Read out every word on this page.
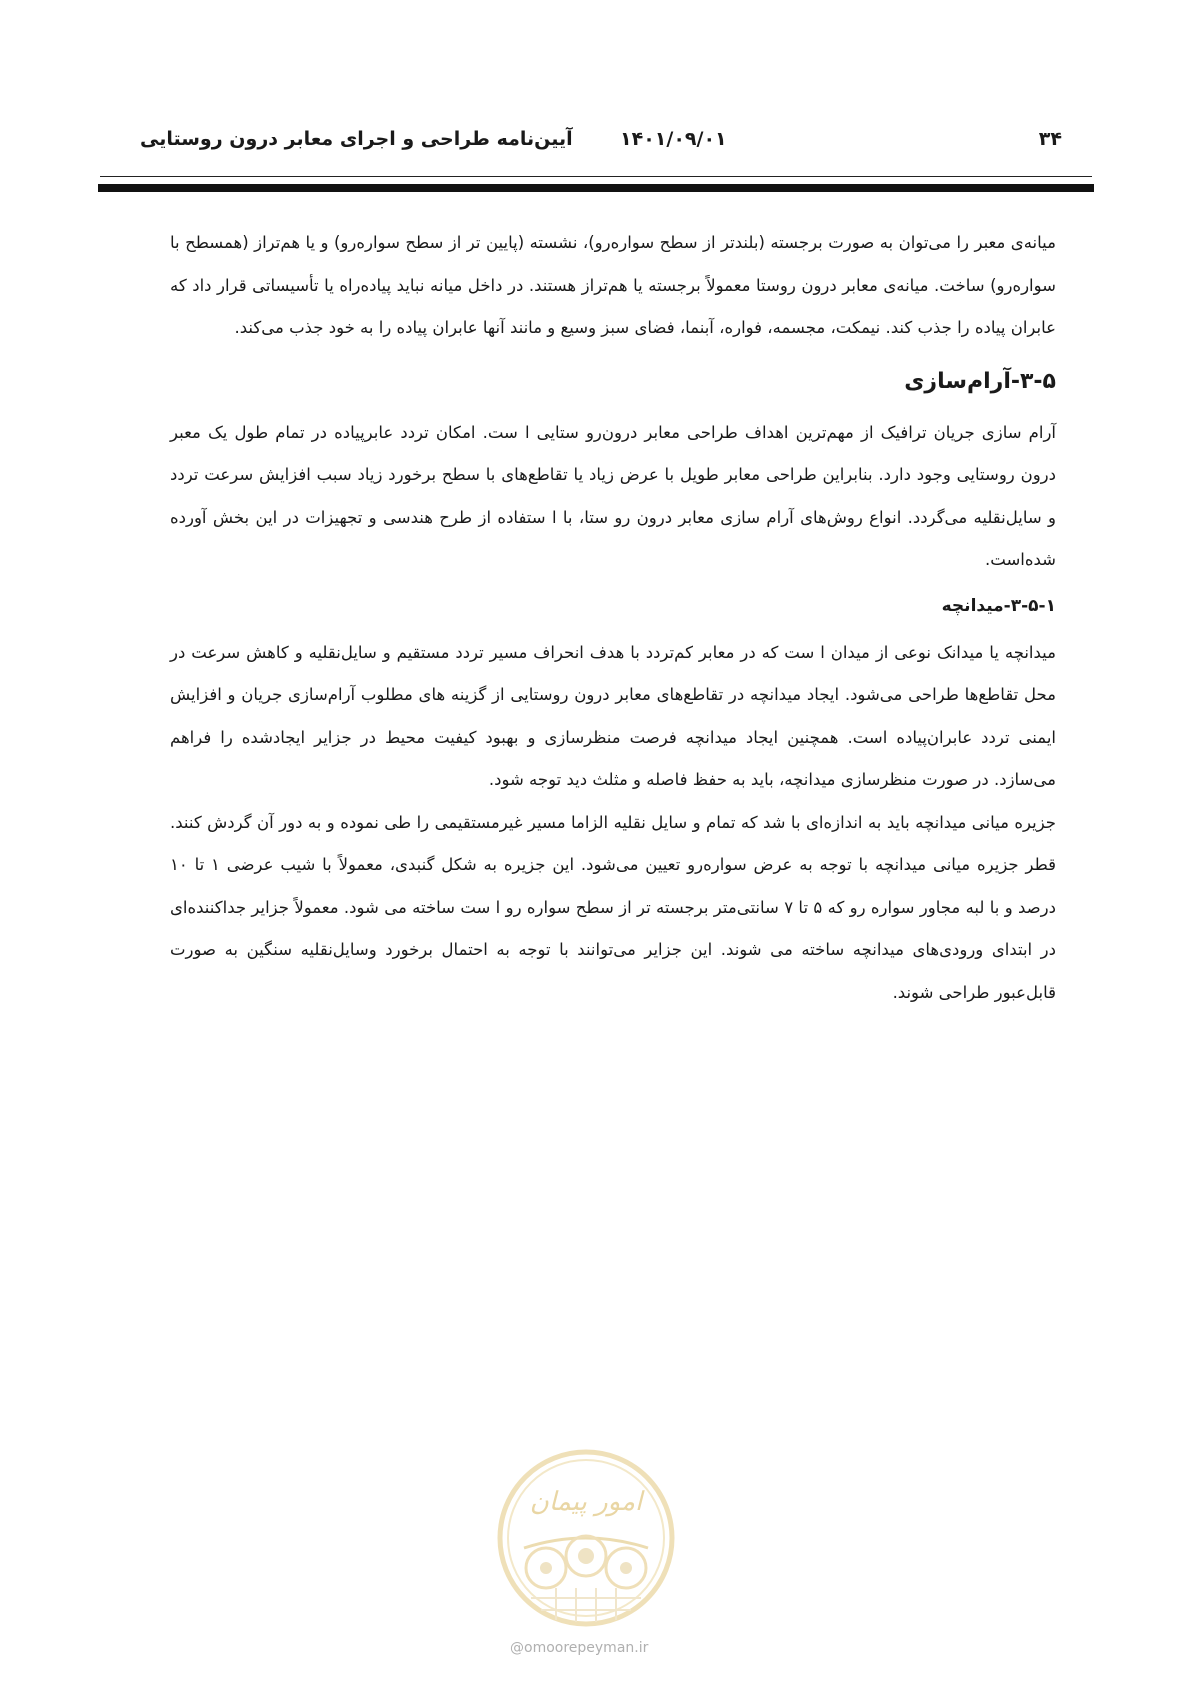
۳۴
۱۴۰۱/۰۹/۰۱
آیین‌نامه طراحی و اجرای معابر درون روستایی

میانه‌ی معبر را می‌توان به صورت برجسته (بلندتر از سطح سواره‌رو)، نشسته (پایین تر از سطح سواره‌رو) و یا هم‌تراز (همسطح با سواره‌رو) ساخت. میانه‌ی معابر درون روستا معمولاً برجسته یا هم‌تراز هستند. در داخل میانه نباید پیاده‌راه یا تأسیساتی قرار داد که عابران پیاده را جذب کند. نیمکت، مجسمه، فواره، آبنما، فضای سبز وسیع و مانند آنها عابران پیاده را به خود جذب می‌کند.

۳-۵-آرام‌سازی

آرام سازی جریان ترافیک از مهم‌ترین اهداف طراحی معابر درون‌رو ستایی ا ست. امکان تردد عابرپیاده در تمام طول یک معبر درون روستایی وجود دارد. بنابراین طراحی معابر طویل با عرض زیاد یا تقاطع‌های با سطح برخورد زیاد سبب افزایش سرعت تردد و سایل‌نقلیه می‌گردد. انواع روش‌های آرام سازی معابر درون رو ستا، با ا ستفاده از طرح هندسی و تجهیزات در این بخش آورده شده‌است.

۳-۵-۱-میدانچه

میدانچه یا میدانک نوعی از میدان ا ست که در معابر کم‌تردد با هدف انحراف مسیر تردد مستقیم و سایل‌نقلیه و کاهش سرعت در محل تقاطع‌ها طراحی می‌شود. ایجاد میدانچه در تقاطع‌های معابر درون روستایی از گزینه های مطلوب آرام‌سازی جریان و افزایش ایمنی تردد عابران‌پیاده است. همچنین ایجاد میدانچه فرصت منظرسازی و بهبود کیفیت محیط در جزایر ایجادشده را فراهم می‌سازد. در صورت منظرسازی میدانچه، باید به حفظ فاصله و مثلث دید توجه شود.

جزیره میانی میدانچه باید به اندازه‌ای با شد که تمام و سایل نقلیه الزاما مسیر غیرمستقیمی را طی نموده و به دور آن گردش کنند. قطر جزیره میانی میدانچه با توجه به عرض سواره‌رو تعیین می‌شود. این جزیره به شکل گنبدی، معمولاً با شیب عرضی ۱ تا ۱۰ درصد و با لبه مجاور سواره رو که ۵ تا ۷ سانتی‌متر برجسته تر از سطح سواره رو ا ست ساخته می شود. معمولاً جزایر جداکننده‌ای در ابتدای ورودی‌های میدانچه ساخته می شوند. این جزایر می‌توانند با توجه به احتمال برخورد وسایل‌نقلیه سنگین به صورت قابل‌عبور طراحی شوند.

امور پیمان
@omoorepeyman.ir
